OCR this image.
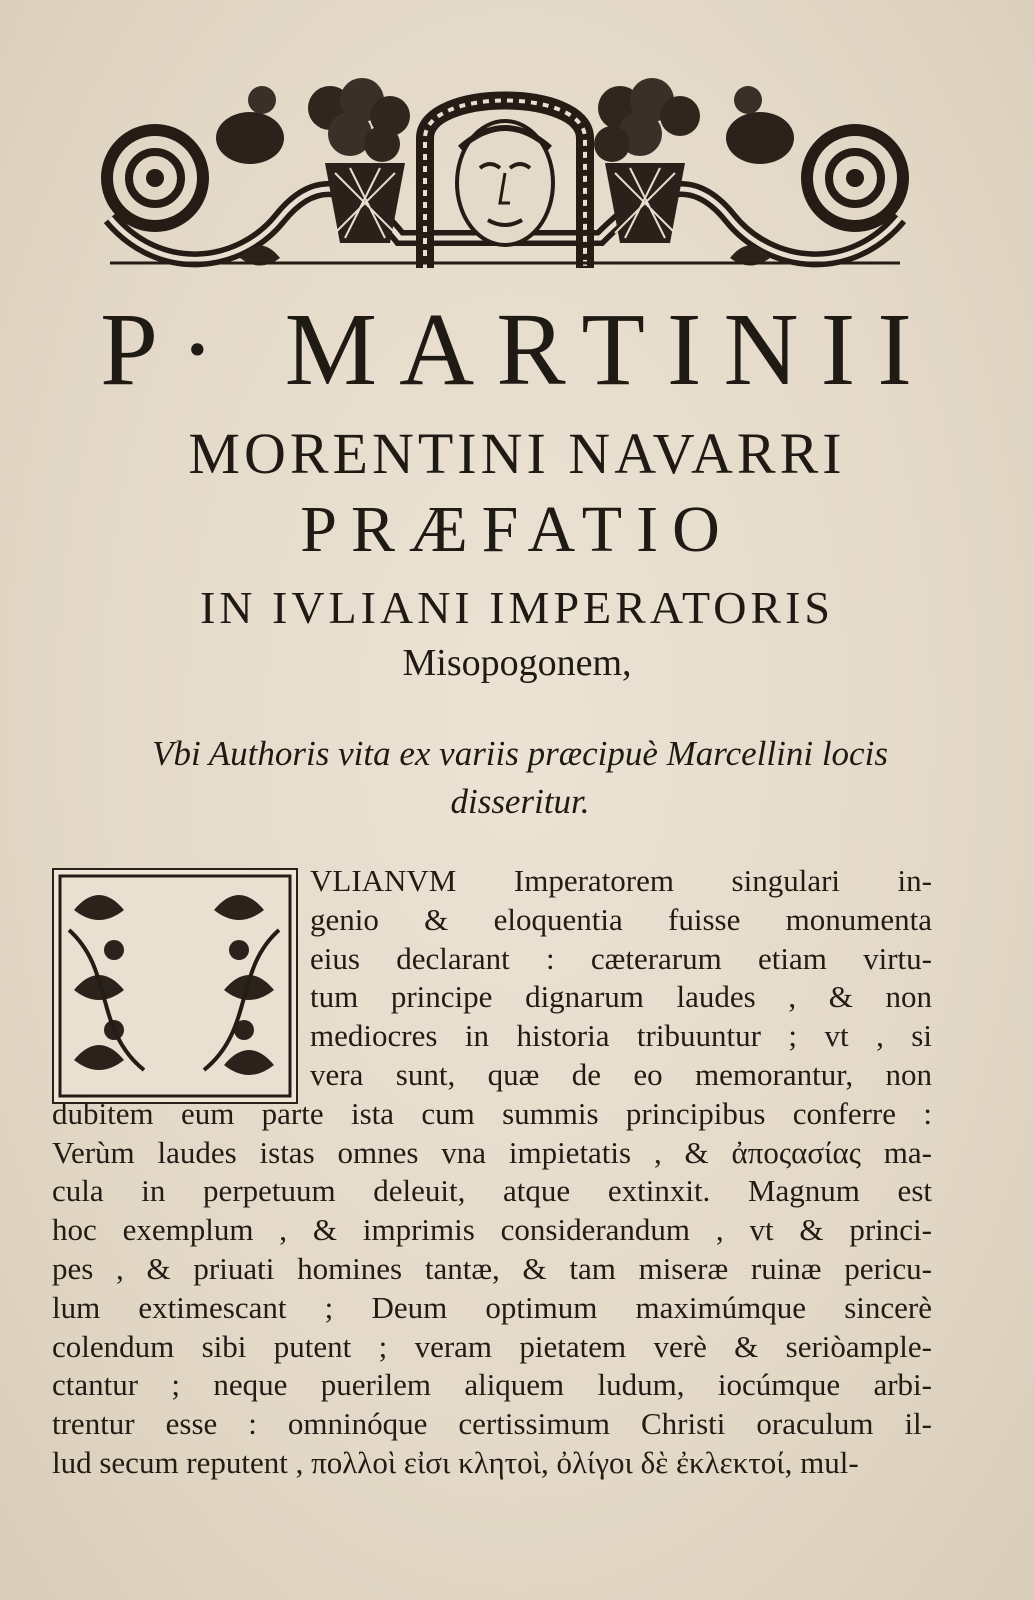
P· MARTINII
MORENTINI NAVARRI
PRÆFATIO
IN IVLIANI IMPERATORIS
Misopogonem,
Vbi Authoris vita ex variis præcipuè Marcellini locis
disseritur.
VLIANVM Imperatorem singulari in-
genio & eloquentia fuisse monumenta
eius declarant : cæterarum etiam virtu-
tum principe dignarum laudes , & non
mediocres in historia tribuuntur ; vt , si
vera sunt, quæ de eo memorantur, non
dubitem eum parte ista cum summis principibus conferre :
Verùm laudes istas omnes vna impietatis , & ἀποςασίας ma-
cula in perpetuum deleuit, atque extinxit. Magnum est
hoc exemplum , & imprimis considerandum , vt & princi-
pes , & priuati homines tantæ, & tam miseræ ruinæ pericu-
lum extimescant ; Deum optimum maximúmque sincerè
colendum sibi putent ; veram pietatem verè & seriòample-
ctantur ; neque puerilem aliquem ludum, iocúmque arbi-
trentur esse : omninóque certissimum Christi oraculum il-
lud secum reputent , πολλοὶ εἰσι κλητοὶ, ὀλίγοι δὲ ἐκλεκτοί, mul-
